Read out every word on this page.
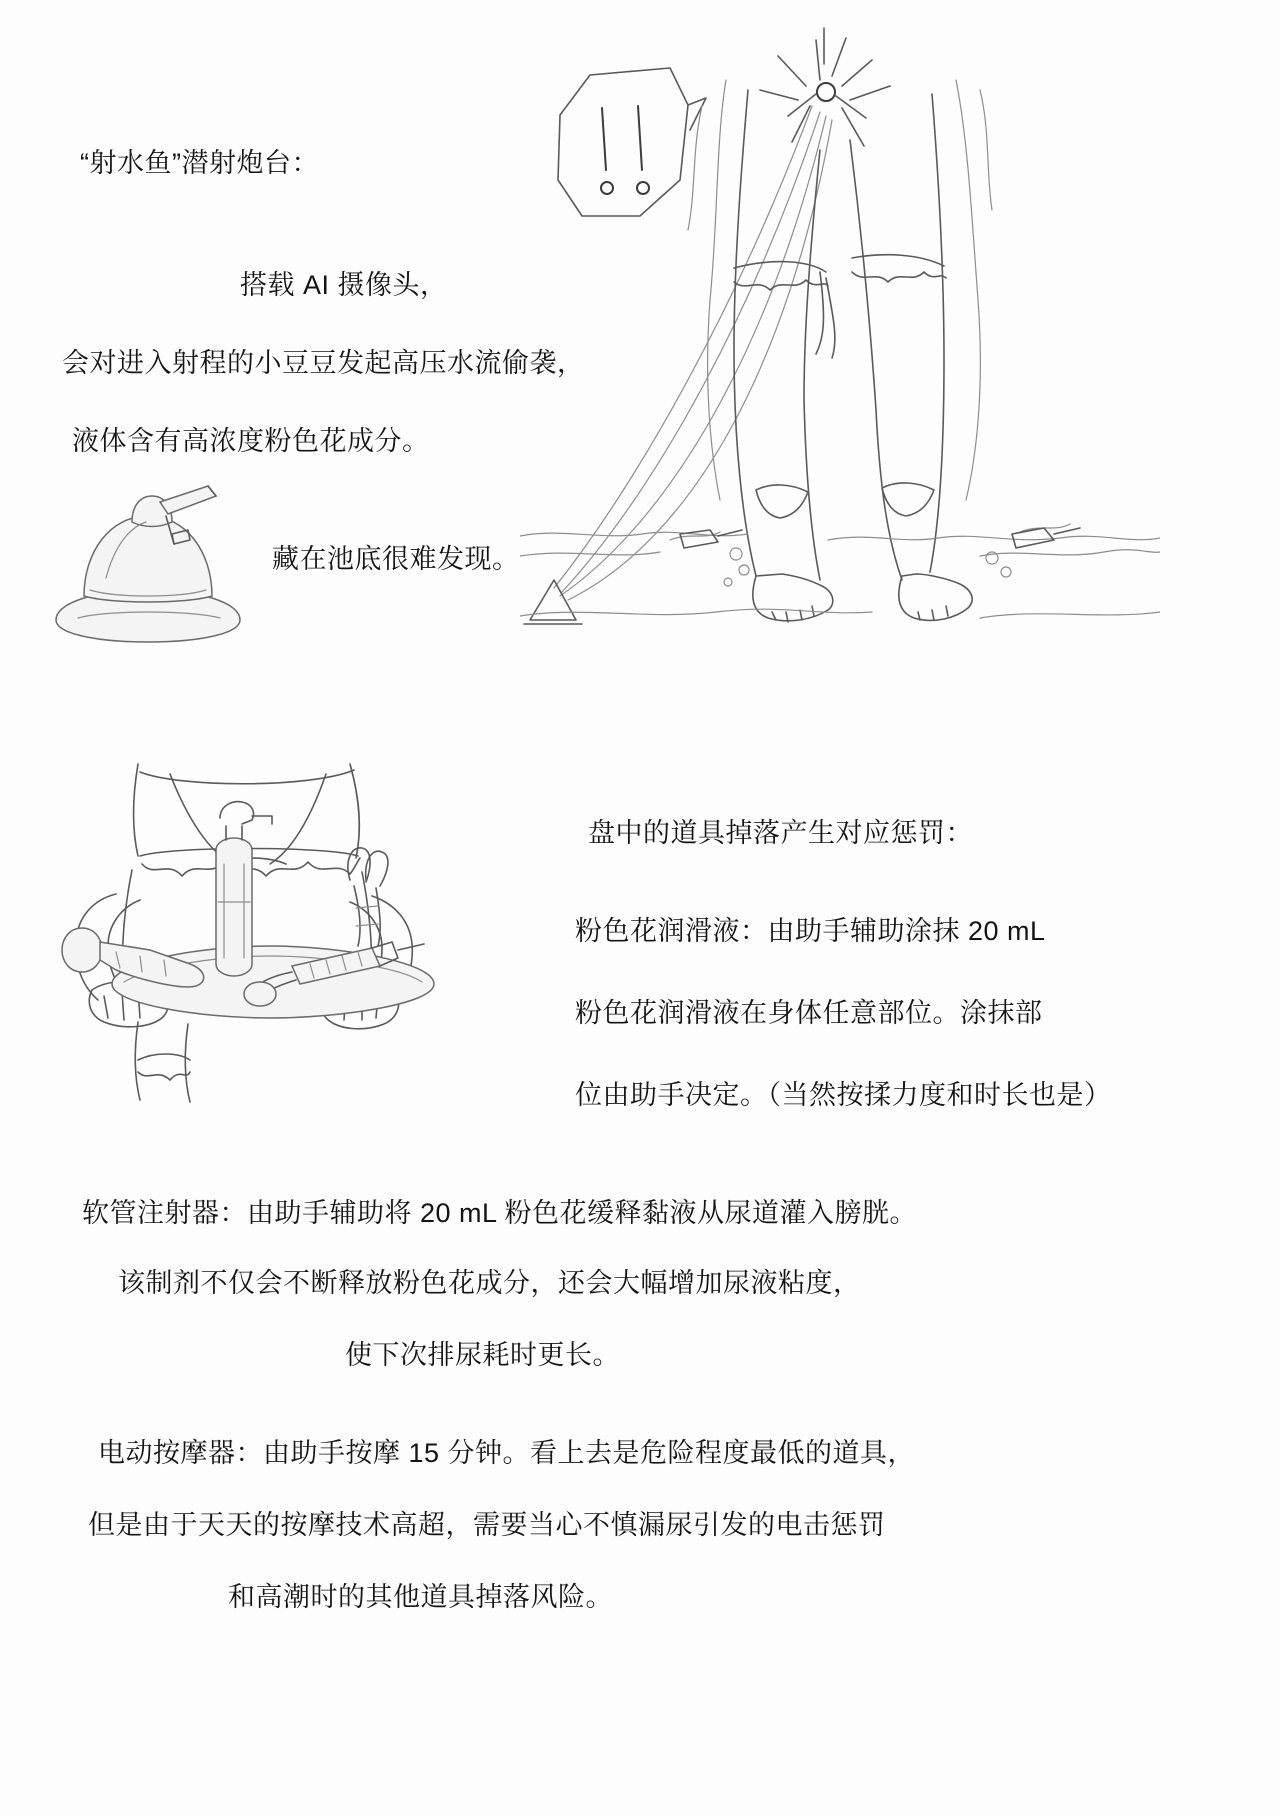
“射水鱼”潜射炮台：
搭载 AI 摄像头，
会对进入射程的小豆豆发起高压水流偷袭，
液体含有高浓度粉色花成分。
藏在池底很难发现。
盘中的道具掉落产生对应惩罚：
粉色花润滑液：由助手辅助涂抹 20 mL
粉色花润滑液在身体任意部位。涂抹部
位由助手决定。（当然按揉力度和时长也是）
软管注射器：由助手辅助将 20 mL 粉色花缓释黏液从尿道灌入膀胱。
该制剂不仅会不断释放粉色花成分，还会大幅增加尿液粘度，
使下次排尿耗时更长。
电动按摩器：由助手按摩 15 分钟。看上去是危险程度最低的道具，
但是由于天天的按摩技术高超，需要当心不慎漏尿引发的电击惩罚
和高潮时的其他道具掉落风险。
